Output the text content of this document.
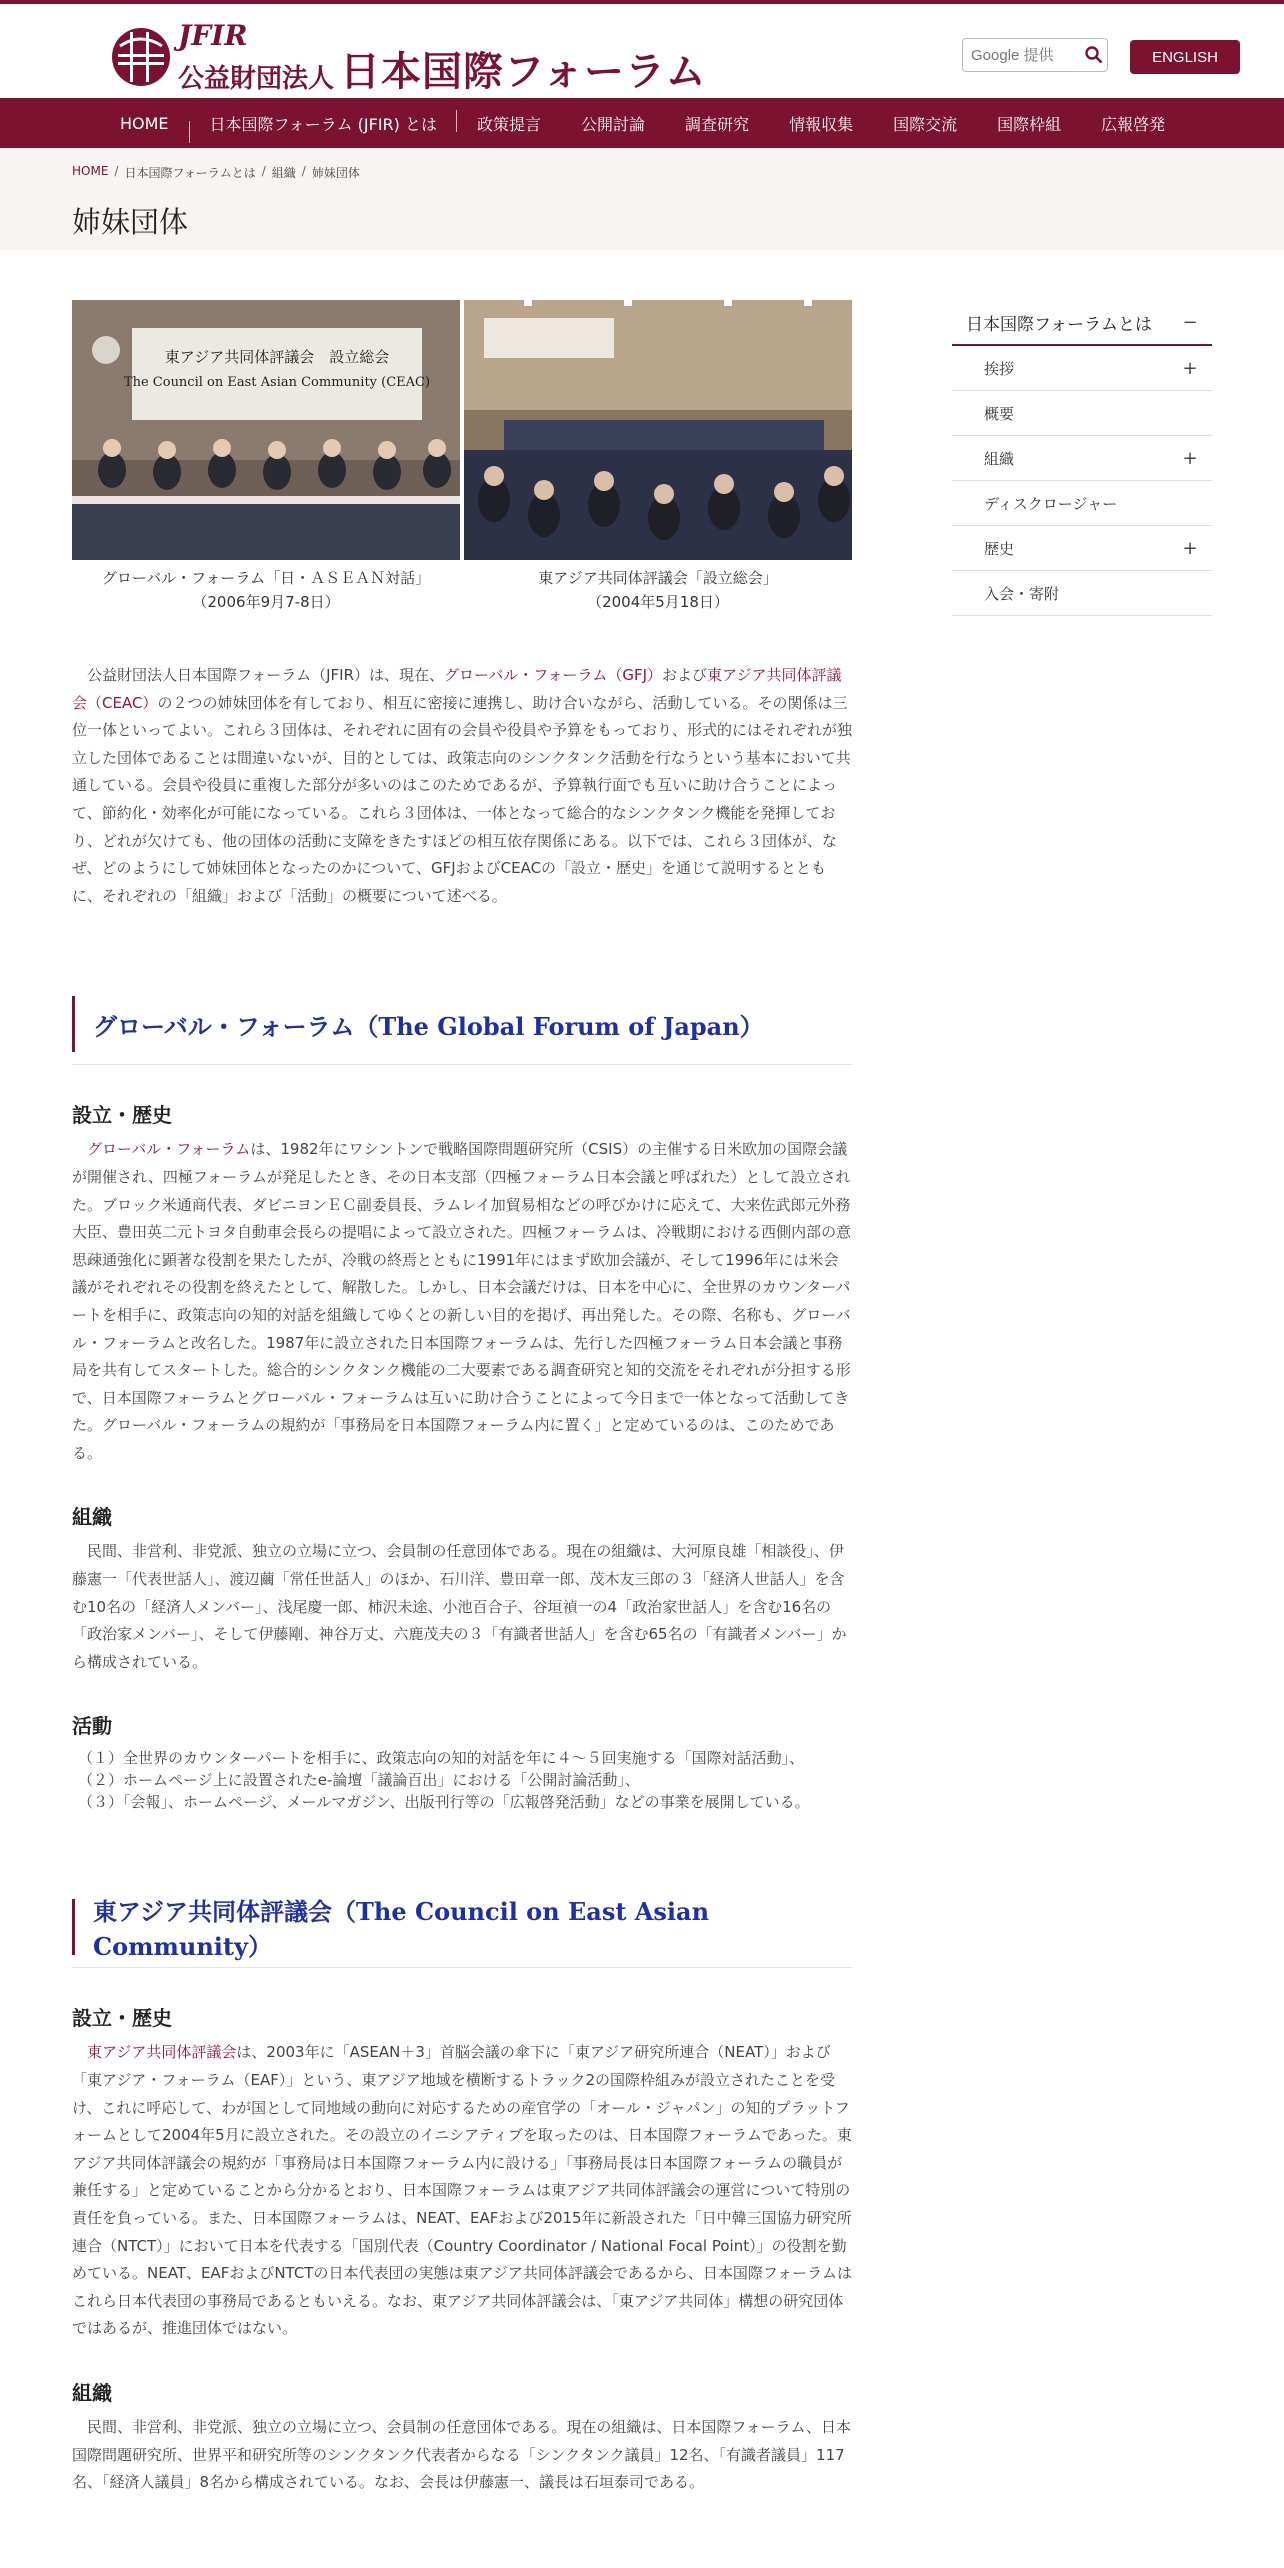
JFIR
公益財団法人 日本国際フォーラム
Google 提供	ENGLISH
HOME	日本国際フォーラム (JFIR) とは	政策提言	公開討論	調査研究	情報収集	国際交流	国際枠組	広報啓発
HOME / 日本国際フォーラムとは / 組織 / 姉妹団体
姉妹団体
東アジア共同体評議会　設立総会
The Council on East Asian Community (CEAC)
グローバル・フォーラム「日・ＡＳＥＡＮ対話」
（2006年9月7-8日）
東アジア共同体評議会「設立総会」
（2004年5月18日）

公益財団法人日本国際フォーラム（JFIR）は、現在、グローバル・フォーラム（GFJ）および東アジア共同体評議会（CEAC）の２つの姉妹団体を有しており、相互に密接に連携し、助け合いながら、活動している。その関係は三位一体といってよい。これら３団体は、それぞれに固有の会員や役員や予算をもっており、形式的にはそれぞれが独立した団体であることは間違いないが、目的としては、政策志向のシンクタンク活動を行なうという基本において共通している。会員や役員に重複した部分が多いのはこのためであるが、予算執行面でも互いに助け合うことによって、節約化・効率化が可能になっている。これら３団体は、一体となって総合的なシンクタンク機能を発揮しており、どれが欠けても、他の団体の活動に支障をきたすほどの相互依存関係にある。以下では、これら３団体が、なぜ、どのようにして姉妹団体となったのかについて、GFJおよびCEACの「設立・歴史」を通じて説明するとともに、それぞれの「組織」および「活動」の概要について述べる。

グローバル・フォーラム（The Global Forum of Japan）
設立・歴史

グローバル・フォーラムは、1982年にワシントンで戦略国際問題研究所（CSIS）の主催する日米欧加の国際会議が開催され、四極フォーラムが発足したとき、その日本支部（四極フォーラム日本会議と呼ばれた）として設立された。ブロック米通商代表、ダビニヨンＥＣ副委員長、ラムレイ加貿易相などの呼びかけに応えて、大来佐武郎元外務大臣、豊田英二元トヨタ自動車会長らの提唱によって設立された。四極フォーラムは、冷戦期における西側内部の意思疎通強化に顕著な役割を果たしたが、冷戦の終焉とともに1991年にはまず欧加会議が、そして1996年には米会議がそれぞれその役割を終えたとして、解散した。しかし、日本会議だけは、日本を中心に、全世界のカウンターパートを相手に、政策志向の知的対話を組織してゆくとの新しい目的を掲げ、再出発した。その際、名称も、グローバル・フォーラムと改名した。1987年に設立された日本国際フォーラムは、先行した四極フォーラム日本会議と事務局を共有してスタートした。総合的シンクタンク機能の二大要素である調査研究と知的交流をそれぞれが分担する形で、日本国際フォーラムとグローバル・フォーラムは互いに助け合うことによって今日まで一体となって活動してきた。グローバル・フォーラムの規約が「事務局を日本国際フォーラム内に置く」と定めているのは、このためである。

組織

民間、非営利、非党派、独立の立場に立つ、会員制の任意団体である。現在の組織は、大河原良雄「相談役」、伊藤憲一「代表世話人」、渡辺繭「常任世話人」のほか、石川洋、豊田章一郎、茂木友三郎の３「経済人世話人」を含む10名の「経済人メンバー」、浅尾慶一郎、柿沢未途、小池百合子、谷垣禎一の4「政治家世話人」を含む16名の「政治家メンバー」、そして伊藤剛、神谷万丈、六鹿茂夫の３「有識者世話人」を含む65名の「有識者メンバー」から構成されている。

活動
（１）全世界のカウンターパートを相手に、政策志向の知的対話を年に４～５回実施する「国際対話活動」、
（２）ホームページ上に設置されたe-論壇「議論百出」における「公開討論活動」、
（３）「会報」、ホームページ、メールマガジン、出版刊行等の「広報啓発活動」などの事業を展開している。
東アジア共同体評議会（The Council on East Asian Community）
設立・歴史

東アジア共同体評議会は、2003年に「ASEAN＋3」首脳会議の傘下に「東アジア研究所連合（NEAT）」および「東アジア・フォーラム（EAF）」という、東アジア地域を横断するトラック2の国際枠組みが設立されたことを受け、これに呼応して、わが国として同地域の動向に対応するための産官学の「オール・ジャパン」の知的プラットフォームとして2004年5月に設立された。その設立のイニシアティブを取ったのは、日本国際フォーラムであった。東アジア共同体評議会の規約が「事務局は日本国際フォーラム内に設ける」「事務局長は日本国際フォーラムの職員が兼任する」と定めていることから分かるとおり、日本国際フォーラムは東アジア共同体評議会の運営について特別の責任を負っている。また、日本国際フォーラムは、NEAT、EAFおよび2015年に新設された「日中韓三国協力研究所連合（NTCT）」において日本を代表する「国別代表（Country Coordinator / National Focal Point）」の役割を勤めている。NEAT、EAFおよびNTCTの日本代表団の実態は東アジア共同体評議会であるから、日本国際フォーラムはこれら日本代表団の事務局であるともいえる。なお、東アジア共同体評議会は、「東アジア共同体」構想の研究団体ではあるが、推進団体ではない。

組織

民間、非営利、非党派、独立の立場に立つ、会員制の任意団体である。現在の組織は、日本国際フォーラム、日本国際問題研究所、世界平和研究所等のシンクタンク代表者からなる「シンクタンク議員」12名、「有識者議員」117名、「経済人議員」8名から構成されている。なお、会長は伊藤憲一、議長は石垣泰司である。

日本国際フォーラムとは −
挨拶	+
概要
組織	+
ディスクロージャー
歴史	+
入会・寄附
